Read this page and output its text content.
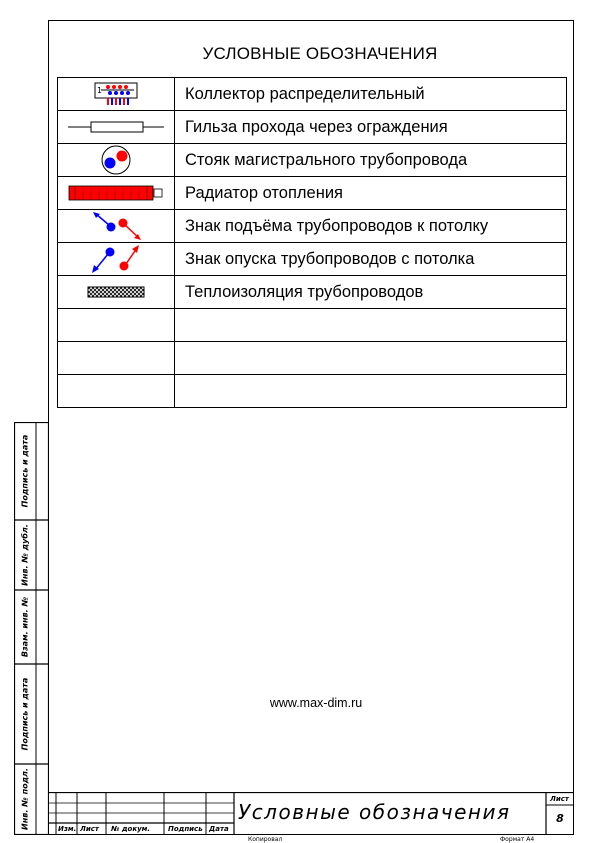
УСЛОВНЫЕ ОБОЗНАЧЕНИЯ
1	Коллектор распределительный

	Гильза прохода через ограждения

	Стояк магистрального трубопровода

	Радиатор отопления

	Знак подъёма трубопроводов к потолку

	Знак опуска трубопроводов с потолка

	Теплоизоляция трубопроводов

www.max-dim.ru
Подпись и дата
Инв. № дубл.
Взам. инв. №
Подпись и дата
Инв. № подл.	Изм. Лист № докум.	Подпись Дата
Условные обозначения
Лист
8
Копировал	Формат А4
